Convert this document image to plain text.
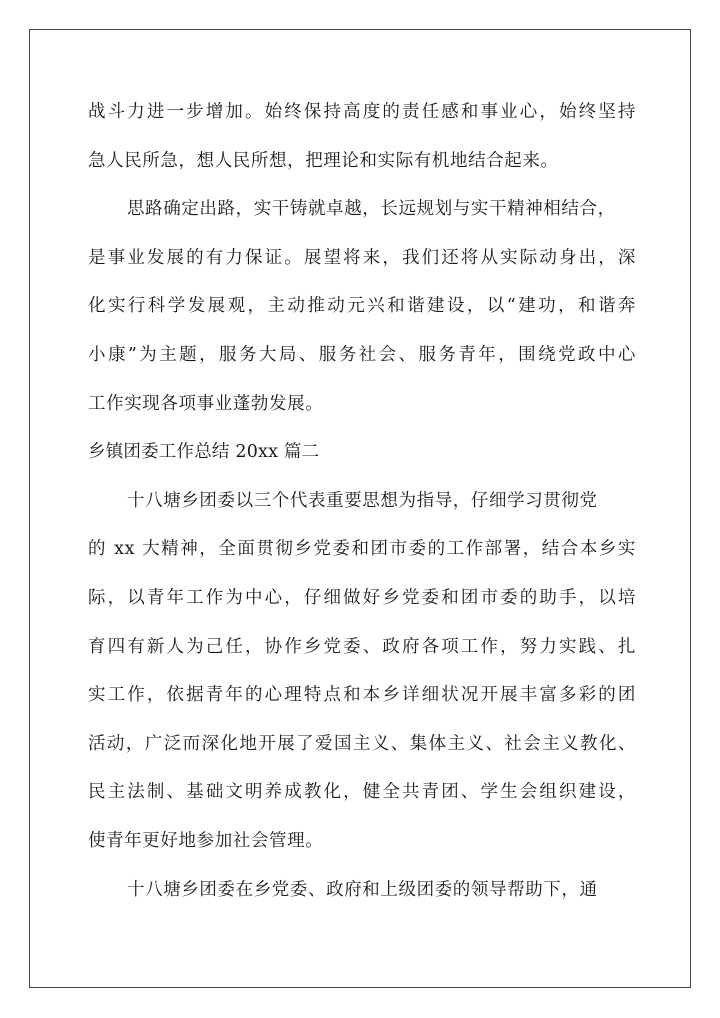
战斗力进一步增加。始终保持高度的责任感和事业心，始终坚持
急人民所急，想人民所想，把理论和实际有机地结合起来。
思路确定出路，实干铸就卓越，长远规划与实干精神相结合，
是事业发展的有力保证。展望将来，我们还将从实际动身出，深
化实行科学发展观，主动推动元兴和谐建设，以“建功，和谐奔
小康”为主题，服务大局、服务社会、服务青年，围绕党政中心
工作实现各项事业蓬勃发展。
乡镇团委工作总结 20xx 篇二
十八塘乡团委以三个代表重要思想为指导，仔细学习贯彻党
的 xx 大精神，全面贯彻乡党委和团市委的工作部署，结合本乡实
际，以青年工作为中心，仔细做好乡党委和团市委的助手，以培
育四有新人为己任，协作乡党委、政府各项工作，努力实践、扎
实工作，依据青年的心理特点和本乡详细状况开展丰富多彩的团
活动，广泛而深化地开展了爱国主义、集体主义、社会主义教化、
民主法制、基础文明养成教化，健全共青团、学生会组织建设，
使青年更好地参加社会管理。
十八塘乡团委在乡党委、政府和上级团委的领导帮助下，通
